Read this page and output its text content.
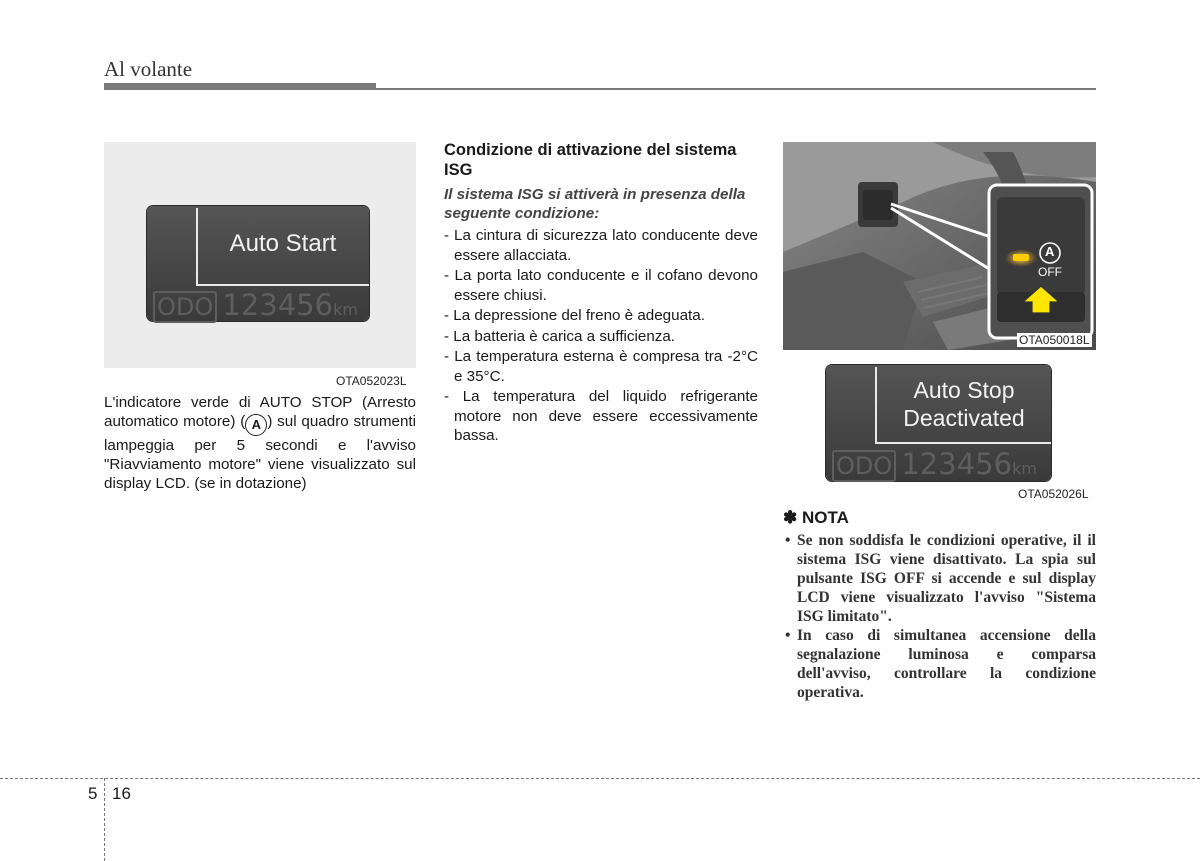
Al volante
Auto Start
ODO 123456km
OTA052023L
L'indicatore verde di AUTO STOP (Arresto automatico motore) ( A ) sul quadro strumenti lampeggia per 5 secondi e l'avviso "Riavviamento motore" viene visualizzato sul display LCD. (se in dotazione)
Condizione di attivazione del sistema ISG
Il sistema ISG si attiverà in presenza della seguente condizione:
- La cintura di sicurezza lato conducente deve essere allacciata.
- La porta lato conducente e il cofano devono essere chiusi.
- La depressione del freno è adeguata.
- La batteria è carica a sufficienza.
- La temperatura esterna è compresa tra -2°C e 35°C.
- La temperatura del liquido refrigerante motore non deve essere eccessivamente bassa.
A
OFF
OTA050018L
Auto Stop
Deactivated
ODO 123456km
OTA052026L
✽ NOTA
• Se non soddisfa le condizioni operative, il il sistema ISG viene disattivato. La spia sul pulsante ISG OFF si accende e sul display LCD viene visualizzato l'avviso "Sistema ISG limitato".
• In caso di simultanea accensione della segnalazione luminosa e comparsa dell'avviso, controllare la condizione operativa.
5 16
